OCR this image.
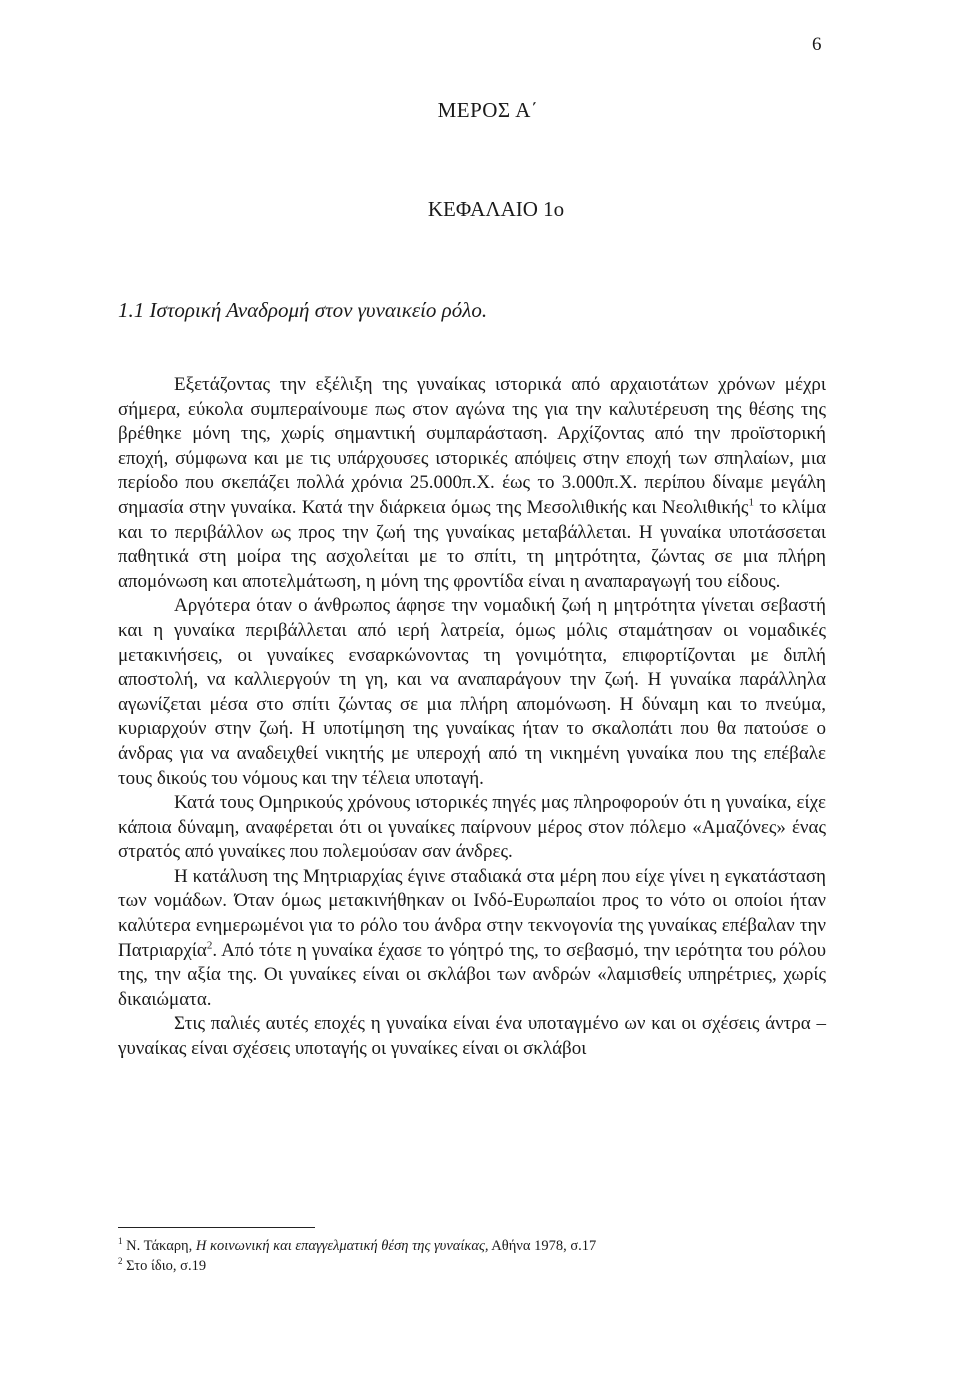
6
ΜΕΡΟΣ Α΄
ΚΕΦΑΛΑΙΟ 1ο
1.1 Ιστορική Αναδρομή στον γυναικείο ρόλο.

Εξετάζοντας την εξέλιξη της γυναίκας ιστορικά από αρχαιοτάτων χρόνων μέχρι σήμερα, εύκολα συμπεραίνουμε πως στον αγώνα της για την καλυτέρευση της θέσης της βρέθηκε μόνη της, χωρίς σημαντική συμπαράσταση. Αρχίζοντας από την προϊστορική εποχή, σύμφωνα και με τις υπάρχουσες ιστορικές απόψεις στην εποχή των σπηλαίων, μια περίοδο που σκεπάζει πολλά χρόνια 25.000π.Χ. έως το 3.000π.Χ. περίπου δίναμε μεγάλη σημασία στην γυναίκα. Κατά την διάρκεια όμως της Μεσολιθικής και Νεολιθικής$^1$ το κλίμα και το περιβάλλον ως προς την ζωή της γυναίκας μεταβάλλεται. Η γυναίκα υποτάσσεται παθητικά στη μοίρα της ασχολείται με το σπίτι, τη μητρότητα, ζώντας σε μια πλήρη απομόνωση και αποτελμάτωση, η μόνη της φροντίδα είναι η αναπαραγωγή του είδους.

Αργότερα όταν ο άνθρωπος άφησε την νομαδική ζωή η μητρότητα γίνεται σεβαστή και η γυναίκα περιβάλλεται από ιερή λατρεία, όμως μόλις σταμάτησαν οι νομαδικές μετακινήσεις, οι γυναίκες ενσαρκώνοντας τη γονιμότητα, επιφορτίζονται με διπλή αποστολή, να καλλιεργούν τη γη, και να αναπαράγουν την ζωή. Η γυναίκα παράλληλα αγωνίζεται μέσα στο σπίτι ζώντας σε μια πλήρη απομόνωση. Η δύναμη και το πνεύμα, κυριαρχούν στην ζωή. Η υποτίμηση της γυναίκας ήταν το σκαλοπάτι που θα πατούσε ο άνδρας για να αναδειχθεί νικητής με υπεροχή από τη νικημένη γυναίκα που της επέβαλε τους δικούς του νόμους και την τέλεια υποταγή.

Κατά τους Ομηρικούς χρόνους ιστορικές πηγές μας πληροφορούν ότι η γυναίκα, είχε κάποια δύναμη, αναφέρεται ότι οι γυναίκες παίρνουν μέρος στον πόλεμο «Αμαζόνες» ένας στρατός από γυναίκες που πολεμούσαν σαν άνδρες.

Η κατάλυση της Μητριαρχίας έγινε σταδιακά στα μέρη που είχε γίνει η εγκατάσταση των νομάδων. Όταν όμως μετακινήθηκαν οι Ινδό-Ευρωπαίοι προς το νότο οι οποίοι ήταν καλύτερα ενημερωμένοι για το ρόλο του άνδρα στην τεκνογονία της γυναίκας επέβαλαν την Πατριαρχία$^2$. Από τότε η γυναίκα έχασε το γόητρό της, το σεβασμό, την ιερότητα του ρόλου της, την αξία της. Οι γυναίκες είναι οι σκλάβοι των ανδρών «λαμισθείς υπηρέτριες, χωρίς δικαιώματα.

Στις παλιές αυτές εποχές η γυναίκα είναι ένα υποταγμένο ων και οι σχέσεις άντρα – γυναίκας είναι σχέσεις υποταγής οι γυναίκες είναι οι σκλάβοι

$^1$ Ν. Τάκαρη, Η κοινωνική και επαγγελματική θέση της γυναίκας, Αθήνα 1978, σ.17
$^2$ Στο ίδιο, σ.19
